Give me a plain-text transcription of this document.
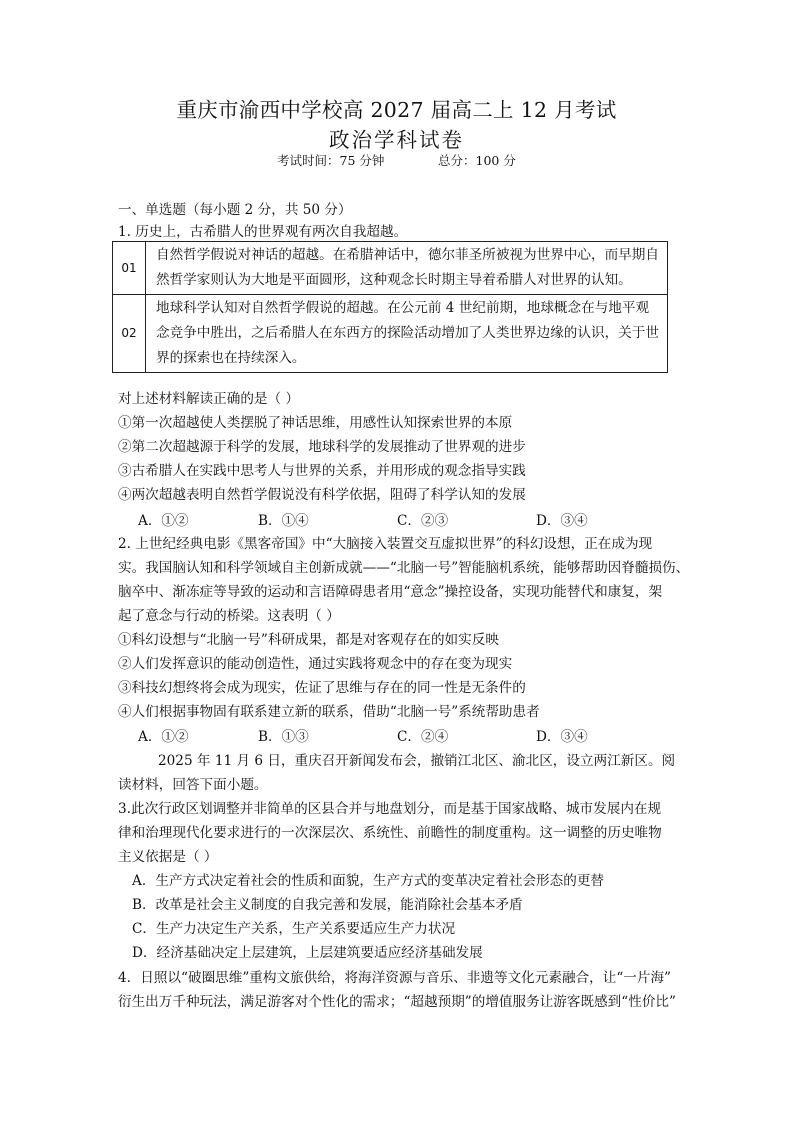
重庆市渝西中学校高 2027 届高二上 12 月考试
政治学科试卷
考试时间：75 分钟	总分：100 分
一、单选题（每小题 2 分，共 50 分）
1. 历史上，古希腊人的世界观有两次自我超越。
01	自然哲学假说对神话的超越。在希腊神话中，德尔菲圣所被视为世界中心，而早期自然哲学家则认为大地是平面圆形，这种观念长时期主导着希腊人对世界的认知。
02	地球科学认知对自然哲学假说的超越。在公元前 4 世纪前期，地球概念在与地平观念竞争中胜出，之后希腊人在东西方的探险活动增加了人类世界边缘的认识，关于世界的探索也在持续深入。
对上述材料解读正确的是（ ）
①第一次超越使人类摆脱了神话思维，用感性认知探索世界的本原
②第二次超越源于科学的发展，地球科学的发展推动了世界观的进步
③古希腊人在实践中思考人与世界的关系，并用形成的观念指导实践
④两次超越表明自然哲学假说没有科学依据，阻碍了科学认知的发展
A．①②	B．①④	C．②③	D．③④
2. 上世纪经典电影《黑客帝国》中“大脑接入装置交互虚拟世界”的科幻设想，正在成为现
实。我国脑认知和科学领域自主创新成就——“北脑一号”智能脑机系统，能够帮助因脊髓损伤、
脑卒中、渐冻症等导致的运动和言语障碍患者用“意念”操控设备，实现功能替代和康复，架
起了意念与行动的桥梁。这表明（ ）
①科幻设想与“北脑一号”科研成果，都是对客观存在的如实反映
②人们发挥意识的能动创造性，通过实践将观念中的存在变为现实
③科技幻想终将会成为现实，佐证了思维与存在的同一性是无条件的
④人们根据事物固有联系建立新的联系，借助“北脑一号”系统帮助患者
A．①②	B．①③	C．②④	D．③④
2025 年 11 月 6 日，重庆召开新闻发布会，撤销江北区、渝北区，设立两江新区。阅
读材料，回答下面小题。
3.此次行政区划调整并非简单的区县合并与地盘划分，而是基于国家战略、城市发展内在规
律和治理现代化要求进行的一次深层次、系统性、前瞻性的制度重构。这一调整的历史唯物
主义依据是（ ）
A．生产方式决定着社会的性质和面貌，生产方式的变革决定着社会形态的更替
B．改革是社会主义制度的自我完善和发展，能消除社会基本矛盾
C．生产力决定生产关系，生产关系要适应生产力状况
D．经济基础决定上层建筑，上层建筑要适应经济基础发展
4．日照以“破圈思维”重构文旅供给，将海洋资源与音乐、非遗等文化元素融合，让“一片海”
衍生出万千种玩法，满足游客对个性化的需求；“超越预期”的增值服务让游客既感到“性价比”
